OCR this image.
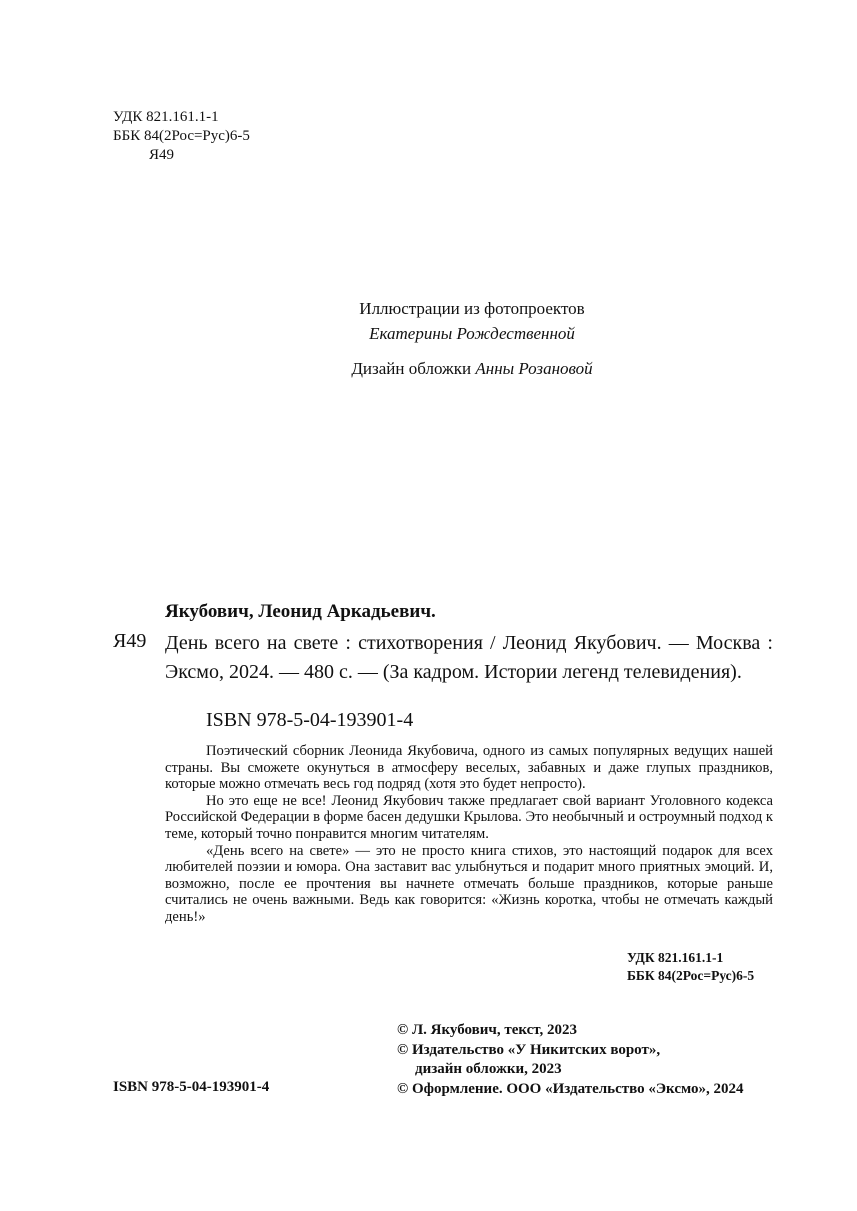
УДК 821.161.1-1
ББК 84(2Рос=Рус)6-5
Я49
Иллюстрации из фотопроектов
Екатерины Рождественной
Дизайн обложки Анны Розановой
Якубович, Леонид Аркадьевич.
Я49 День всего на свете : стихотворения / Леонид Якубович. — Москва : Эксмо, 2024. — 480 с. — (За кадром. Истории легенд телевидения).
ISBN 978-5-04-193901-4

Поэтический сборник Леонида Якубовича, одного из самых популярных ведущих нашей страны. Вы сможете окунуться в атмосферу веселых, забавных и даже глупых праздников, которые можно отмечать весь год подряд (хотя это будет непросто).

Но это еще не все! Леонид Якубович также предлагает свой вариант Уголовного кодекса Российской Федерации в форме басен дедушки Крылова. Это необычный и остроумный подход к теме, который точно понравится многим читателям.

«День всего на свете» — это не просто книга стихов, это настоящий подарок для всех любителей поэзии и юмора. Она заставит вас улыбнуться и подарит много приятных эмоций. И, возможно, после ее прочтения вы начнете отмечать больше праздников, которые раньше считались не очень важными. Ведь как говорится: «Жизнь коротка, чтобы не отмечать каждый день!»

УДК 821.161.1-1
ББК 84(2Рос=Рус)6-5
ISBN 978-5-04-193901-4
© Л. Якубович, текст, 2023
© Издательство «У Никитских ворот»,
дизайн обложки, 2023
© Оформление. ООО «Издательство «Эксмо», 2024
